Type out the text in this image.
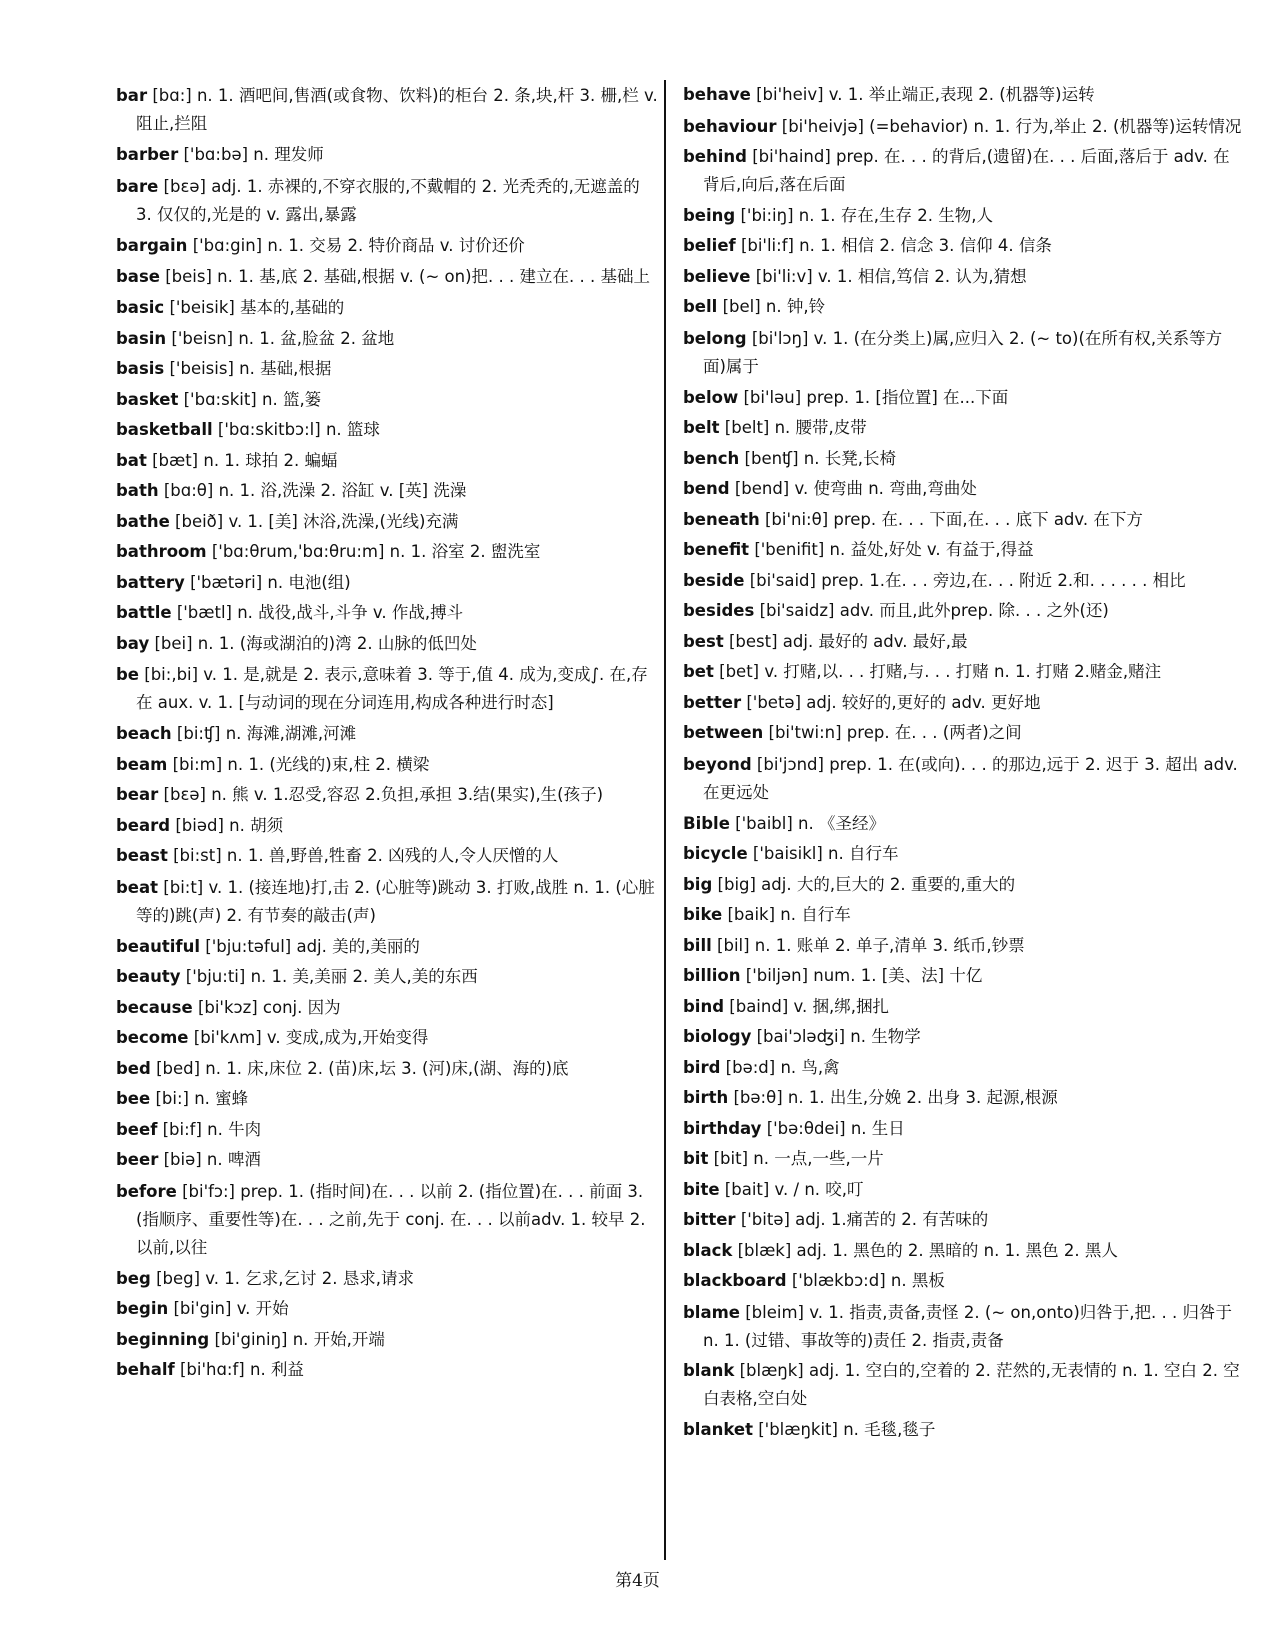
bar [bɑ:] n. 1. 酒吧间,售酒(或食物、饮料)的柜台 2. 条,块,杆 3. 栅,栏 v. 阻止,拦阻

barber ['bɑ:bə] n. 理发师

bare [bεə] adj. 1. 赤裸的,不穿衣服的,不戴帽的 2. 光秃秃的,无遮盖的 3. 仅仅的,光是的 v. 露出,暴露

bargain ['bɑ:gin] n. 1. 交易 2. 特价商品 v. 讨价还价

base [beis] n. 1. 基,底 2. 基础,根据 v. (~ on)把. . . 建立在. . . 基础上

basic ['beisik] 基本的,基础的

basin ['beisn] n. 1. 盆,脸盆 2. 盆地

basis ['beisis] n. 基础,根据

basket ['bɑ:skit] n. 篮,篓

basketball ['bɑ:skitbɔ:l] n. 篮球

bat [bæt] n. 1. 球拍 2. 蝙蝠

bath [bɑ:θ] n. 1. 浴,洗澡 2. 浴缸 v. [英] 洗澡

bathe [beið] v. 1. [美] 沐浴,洗澡,(光线)充满

bathroom ['bɑ:θrum,'bɑ:θru:m] n. 1. 浴室 2. 盥洗室

battery ['bætəri] n. 电池(组)

battle ['bætl] n. 战役,战斗,斗争 v. 作战,搏斗

bay [bei] n. 1. (海或湖泊的)湾 2. 山脉的低凹处

be [bi:,bi] v. 1. 是,就是 2. 表示,意味着 3. 等于,值 4. 成为,变成∫. 在,存在 aux. v. 1. [与动词的现在分词连用,构成各种进行时态]

beach [bi:ʧ] n. 海滩,湖滩,河滩

beam [bi:m] n. 1. (光线的)束,柱 2. 横梁

bear [bεə] n. 熊 v. 1.忍受,容忍 2.负担,承担 3.结(果实),生(孩子)

beard [biəd] n. 胡须

beast [bi:st] n. 1. 兽,野兽,牲畜 2. 凶残的人,令人厌憎的人

beat [bi:t] v. 1. (接连地)打,击 2. (心脏等)跳动 3. 打败,战胜 n. 1. (心脏等的)跳(声) 2. 有节奏的敲击(声)

beautiful ['bju:təful] adj. 美的,美丽的

beauty ['bju:ti] n. 1. 美,美丽 2. 美人,美的东西

because [bi'kɔz] conj. 因为

become [bi'kʌm] v. 变成,成为,开始变得

bed [bed] n. 1. 床,床位 2. (苗)床,坛 3. (河)床,(湖、海的)底

bee [bi:] n. 蜜蜂

beef [bi:f] n. 牛肉

beer [biə] n. 啤酒

before [bi'fɔ:] prep. 1. (指时间)在. . . 以前 2. (指位置)在. . . 前面 3. (指顺序、重要性等)在. . . 之前,先于 conj. 在. . . 以前adv. 1. 较早 2. 以前,以往

beg [beg] v. 1. 乞求,乞讨 2. 恳求,请求

begin [bi'gin] v. 开始

beginning [bi'giniŋ] n. 开始,开端

behalf [bi'hɑ:f] n. 利益

behave [bi'heiv] v. 1. 举止端正,表现 2. (机器等)运转

behaviour [bi'heivjə] (=behavior) n. 1. 行为,举止 2. (机器等)运转情况

behind [bi'haind] prep. 在. . . 的背后,(遗留)在. . . 后面,落后于 adv. 在背后,向后,落在后面

being ['bi:iŋ] n. 1. 存在,生存 2. 生物,人

belief [bi'li:f] n. 1. 相信 2. 信念 3. 信仰 4. 信条

believe [bi'li:v] v. 1. 相信,笃信 2. 认为,猜想

bell [bel] n. 钟,铃

belong [bi'lɔŋ] v. 1. (在分类上)属,应归入 2. (~ to)(在所有权,关系等方面)属于

below [bi'ləu] prep. 1. [指位置] 在...下面

belt [belt] n. 腰带,皮带

bench [benʧ] n. 长凳,长椅

bend [bend] v. 使弯曲 n. 弯曲,弯曲处

beneath [bi'ni:θ] prep. 在. . . 下面,在. . . 底下 adv. 在下方

benefit ['benifit] n. 益处,好处 v. 有益于,得益

beside [bi'said] prep. 1.在. . . 旁边,在. . . 附近 2.和. . . . . . 相比

besides [bi'saidz] adv. 而且,此外prep. 除. . . 之外(还)

best [best] adj. 最好的 adv. 最好,最

bet [bet] v. 打赌,以. . . 打赌,与. . . 打赌 n. 1. 打赌 2.赌金,赌注

better ['betə] adj. 较好的,更好的 adv. 更好地

between [bi'twi:n] prep. 在. . . (两者)之间

beyond [bi'jɔnd] prep. 1. 在(或向). . . 的那边,远于 2. 迟于 3. 超出 adv. 在更远处

Bible ['baibl] n. 《圣经》

bicycle ['baisikl] n. 自行车

big [big] adj. 大的,巨大的 2. 重要的,重大的

bike [baik] n. 自行车

bill [bil] n. 1. 账单 2. 单子,清单 3. 纸币,钞票

billion ['biljən] num. 1. [美、法] 十亿

bind [baind] v. 捆,绑,捆扎

biology [bai'ɔləʤi] n. 生物学

bird [bə:d] n. 鸟,禽

birth [bə:θ] n. 1. 出生,分娩 2. 出身 3. 起源,根源

birthday ['bə:θdei] n. 生日

bit [bit] n. 一点,一些,一片

bite [bait] v. / n. 咬,叮

bitter ['bitə] adj. 1.痛苦的 2. 有苦味的

black [blæk] adj. 1. 黑色的 2. 黑暗的 n. 1. 黑色 2. 黑人

blackboard ['blækbɔ:d] n. 黑板

blame [bleim] v. 1. 指责,责备,责怪 2. (~ on,onto)归咎于,把. . . 归咎于 n. 1. (过错、事故等的)责任 2. 指责,责备

blank [blæŋk] adj. 1. 空白的,空着的 2. 茫然的,无表情的 n. 1. 空白 2. 空白表格,空白处

blanket ['blæŋkit] n. 毛毯,毯子

第4页
